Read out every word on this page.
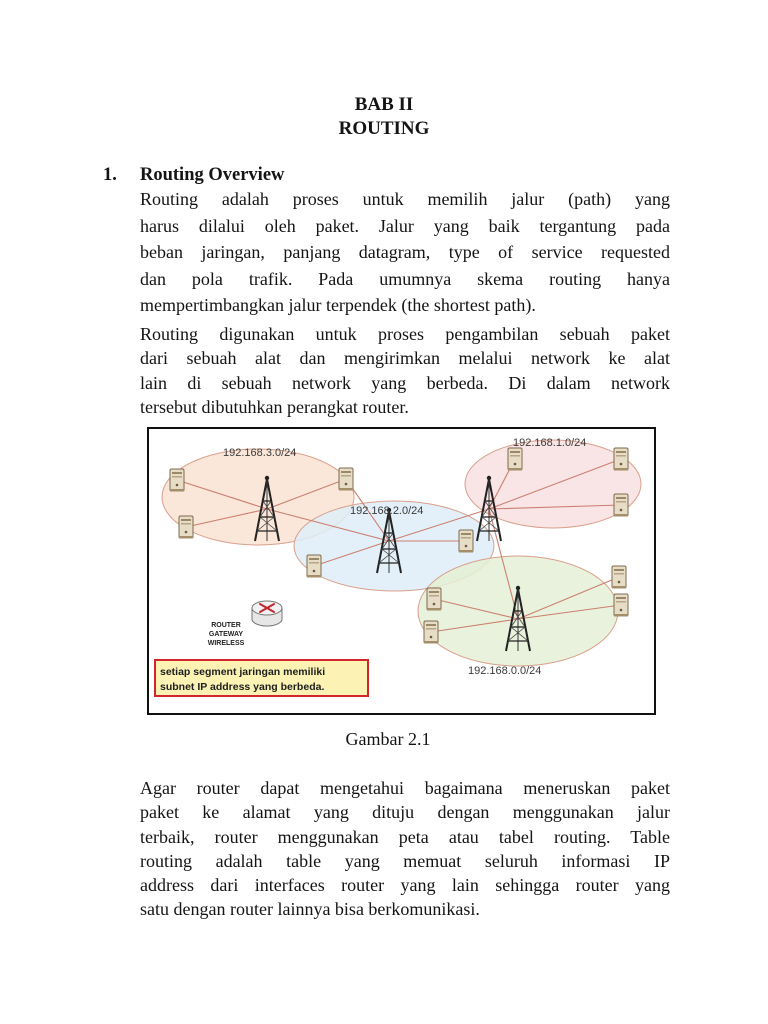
BAB II
ROUTING
1. Routing Overview
Routing adalah proses untuk memilih jalur (path) yang
harus dilalui oleh paket. Jalur yang baik tergantung pada
beban jaringan, panjang datagram, type of service requested
dan pola trafik. Pada umumnya skema routing hanya
mempertimbangkan jalur terpendek (the shortest path).
Routing digunakan untuk proses pengambilan sebuah paket
dari sebuah alat dan mengirimkan melalui network ke alat
lain di sebuah network yang berbeda. Di dalam network
tersebut dibutuhkan perangkat router.
ROUTER
GATEWAY
WIRELESS
192.168.3.0/24
192.168.1.0/24
192.168.2.0/24
192.168.0.0/24
setiap segment jaringan memiliki
subnet IP address yang berbeda.
Gambar 2.1
Agar router dapat mengetahui bagaimana meneruskan paket
paket ke alamat yang dituju dengan menggunakan jalur
terbaik, router menggunakan peta atau tabel routing. Table
routing adalah table yang memuat seluruh informasi IP
address dari interfaces router yang lain sehingga router yang
satu dengan router lainnya bisa berkomunikasi.
